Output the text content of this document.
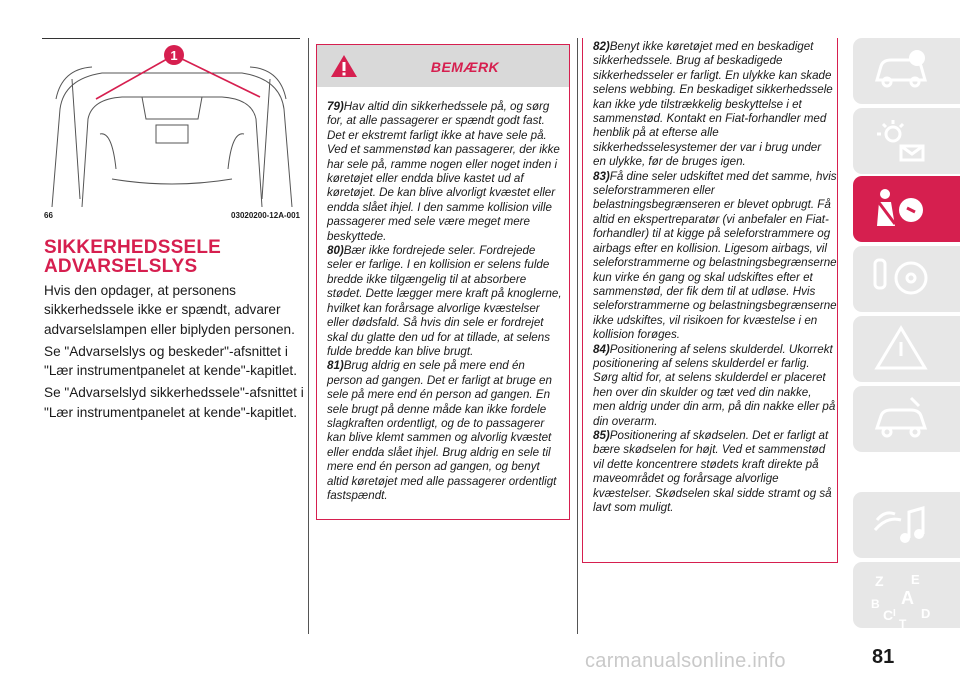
1
66	03020200-12A-001
SIKKERHEDSSELE
ADVARSELSLYS

Hvis den opdager, at personens sikkerhedssele ikke er spændt, advarer advarselslampen eller biplyden personen.

Se "Advarselslys og beskeder"-afsnittet i "Lær instrumentpanelet at kende"-kapitlet.

Se "Advarselslyd sikkerhedssele"-afsnittet i "Lær instrumentpanelet at kende"-kapitlet.

BEMÆRK

79)Hav altid din sikkerhedssele på, og sørg for, at alle passagerer er spændt godt fast. Det er ekstremt farligt ikke at have sele på. Ved et sammenstød kan passagerer, der ikke har sele på, ramme nogen eller noget inden i køretøjet eller endda blive kastet ud af køretøjet. De kan blive alvorligt kvæstet eller endda slået ihjel. I den samme kollision ville passagerer med sele være meget mere beskyttede.

80)Bær ikke fordrejede seler. Fordrejede seler er farlige. I en kollision er selens fulde bredde ikke tilgængelig til at absorbere stødet. Dette lægger mere kraft på knoglerne, hvilket kan forårsage alvorlige kvæstelser eller dødsfald. Så hvis din sele er fordrejet skal du glatte den ud for at tillade, at selens fulde bredde kan blive brugt.

81)Brug aldrig en sele på mere end én person ad gangen. Det er farligt at bruge en sele på mere end én person ad gangen. En sele brugt på denne måde kan ikke fordele slagkraften ordentligt, og de to passagerer kan blive klemt sammen og alvorlig kvæstet eller endda slået ihjel. Brug aldrig en sele til mere end én person ad gangen, og benyt altid køretøjet med alle passagerer ordentligt fastspændt.

82)Benyt ikke køretøjet med en beskadiget sikkerhedssele. Brug af beskadigede sikkerhedsseler er farligt. En ulykke kan skade selens webbing. En beskadiget sikkerhedssele kan ikke yde tilstrækkelig beskyttelse i et sammenstød. Kontakt en Fiat-forhandler med henblik på at efterse alle sikkerhedsselesystemer der var i brug under en ulykke, før de bruges igen.

83)Få dine seler udskiftet med det samme, hvis seleforstrammeren eller belastningsbegrænseren er blevet opbrugt. Få altid en ekspertreparatør (vi anbefaler en Fiat-forhandler) til at kigge på seleforstrammere og airbags efter en kollision. Ligesom airbags, vil seleforstrammerne og belastningsbegrænserne kun virke én gang og skal udskiftes efter et sammenstød, der fik dem til at udløse. Hvis seleforstrammerne og belastningsbegrænserne ikke udskiftes, vil risikoen for kvæstelse i en kollision forøges.

84)Positionering af selens skulderdel. Ukorrekt positionering af selens skulderdel er farlig. Sørg altid for, at selens skulderdel er placeret hen over din skulder og tæt ved din nakke, men aldrig under din arm, på din nakke eller på din overarm.

85)Positionering af skødselen. Det er farligt at bære skødselen for højt. Ved et sammenstød vil dette koncentrere stødets kraft direkte på maveområdet og forårsage alvorlige kvæstelser. Skødselen skal sidde stramt og så lavt som muligt.

Z E
A
B
C D
T
I
81
carmanualsonline.info
